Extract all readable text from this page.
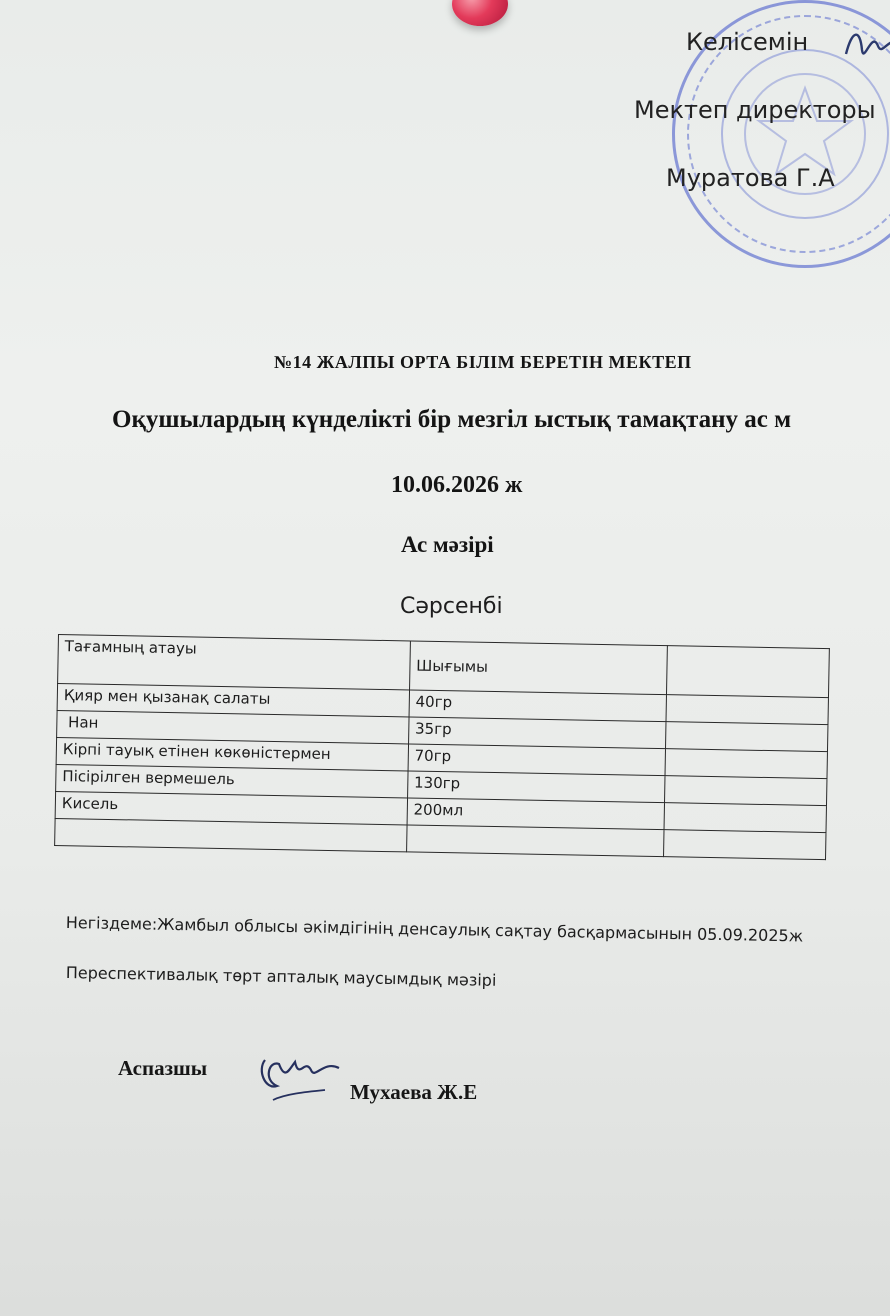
Келісемін
Мектеп директоры
Муратова Г.А
№14 ЖАЛПЫ ОРТА БІЛІМ БЕРЕТІН МЕКТЕП
Оқушылардың күнделікті бір мезгіл ыстық тамақтану ас м
10.06.2026 ж
Ас мәзірі
Сәрсенбі
Тағамның атауы	Шығымы	
Қияр мен қызанақ салаты	40гр	
Нан	35гр	
Кірпі тауық етінен көкөністермен	70гр	
Пісірілген вермешель	130гр	
Кисель	200мл	

Негіздеме:Жамбыл облысы әкімдігінің денсаулық сақтау басқармасынын 05.09.2025ж
Переспективалық төрт апталық маусымдық мәзірі
Аспазшы
Мухаева Ж.Е
